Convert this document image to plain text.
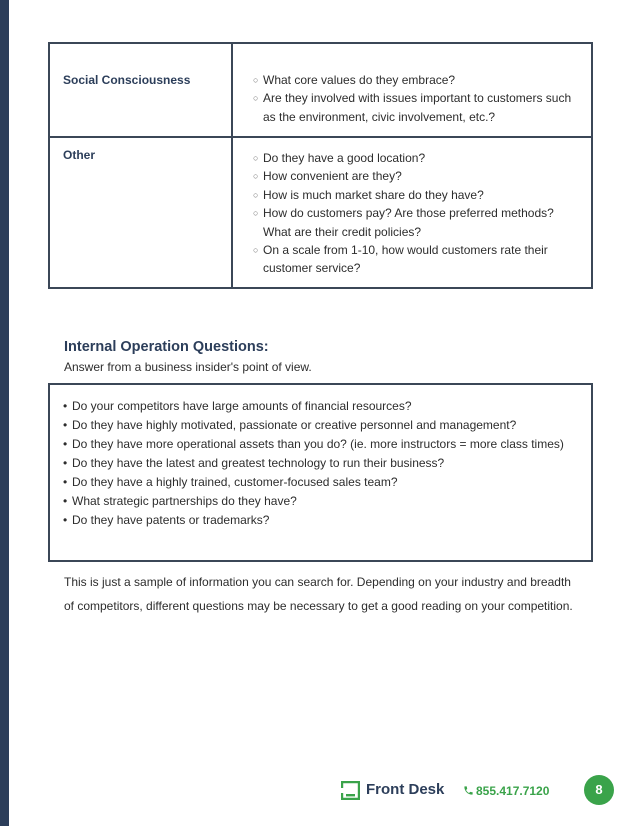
Social Consciousness	○ What core values do they embrace?
○ Are they involved with issues important to customers such as the environment, civic involvement, etc.?
Other	○ Do they have a good location?
○ How convenient are they?
○ How is much market share do they have?
○ How do customers pay? Are those preferred methods? What are their credit policies?
○ On a scale from 1-10, how would customers rate their customer service?
Internal Operation Questions:
Answer from a business insider's point of view.
• Do your competitors have large amounts of financial resources?
• Do they have highly motivated, passionate or creative personnel and management?
• Do they have more operational assets than you do? (ie. more instructors = more class times)
• Do they have the latest and greatest technology to run their business?
• Do they have a highly trained, customer-focused sales team?
• What strategic partnerships do they have?
• Do they have patents or trademarks?

This is just a sample of information you can search for. Depending on your industry and breadth of competitors, different questions may be necessary to get a good reading on your competition.

Front Desk	855.417.7120	8
